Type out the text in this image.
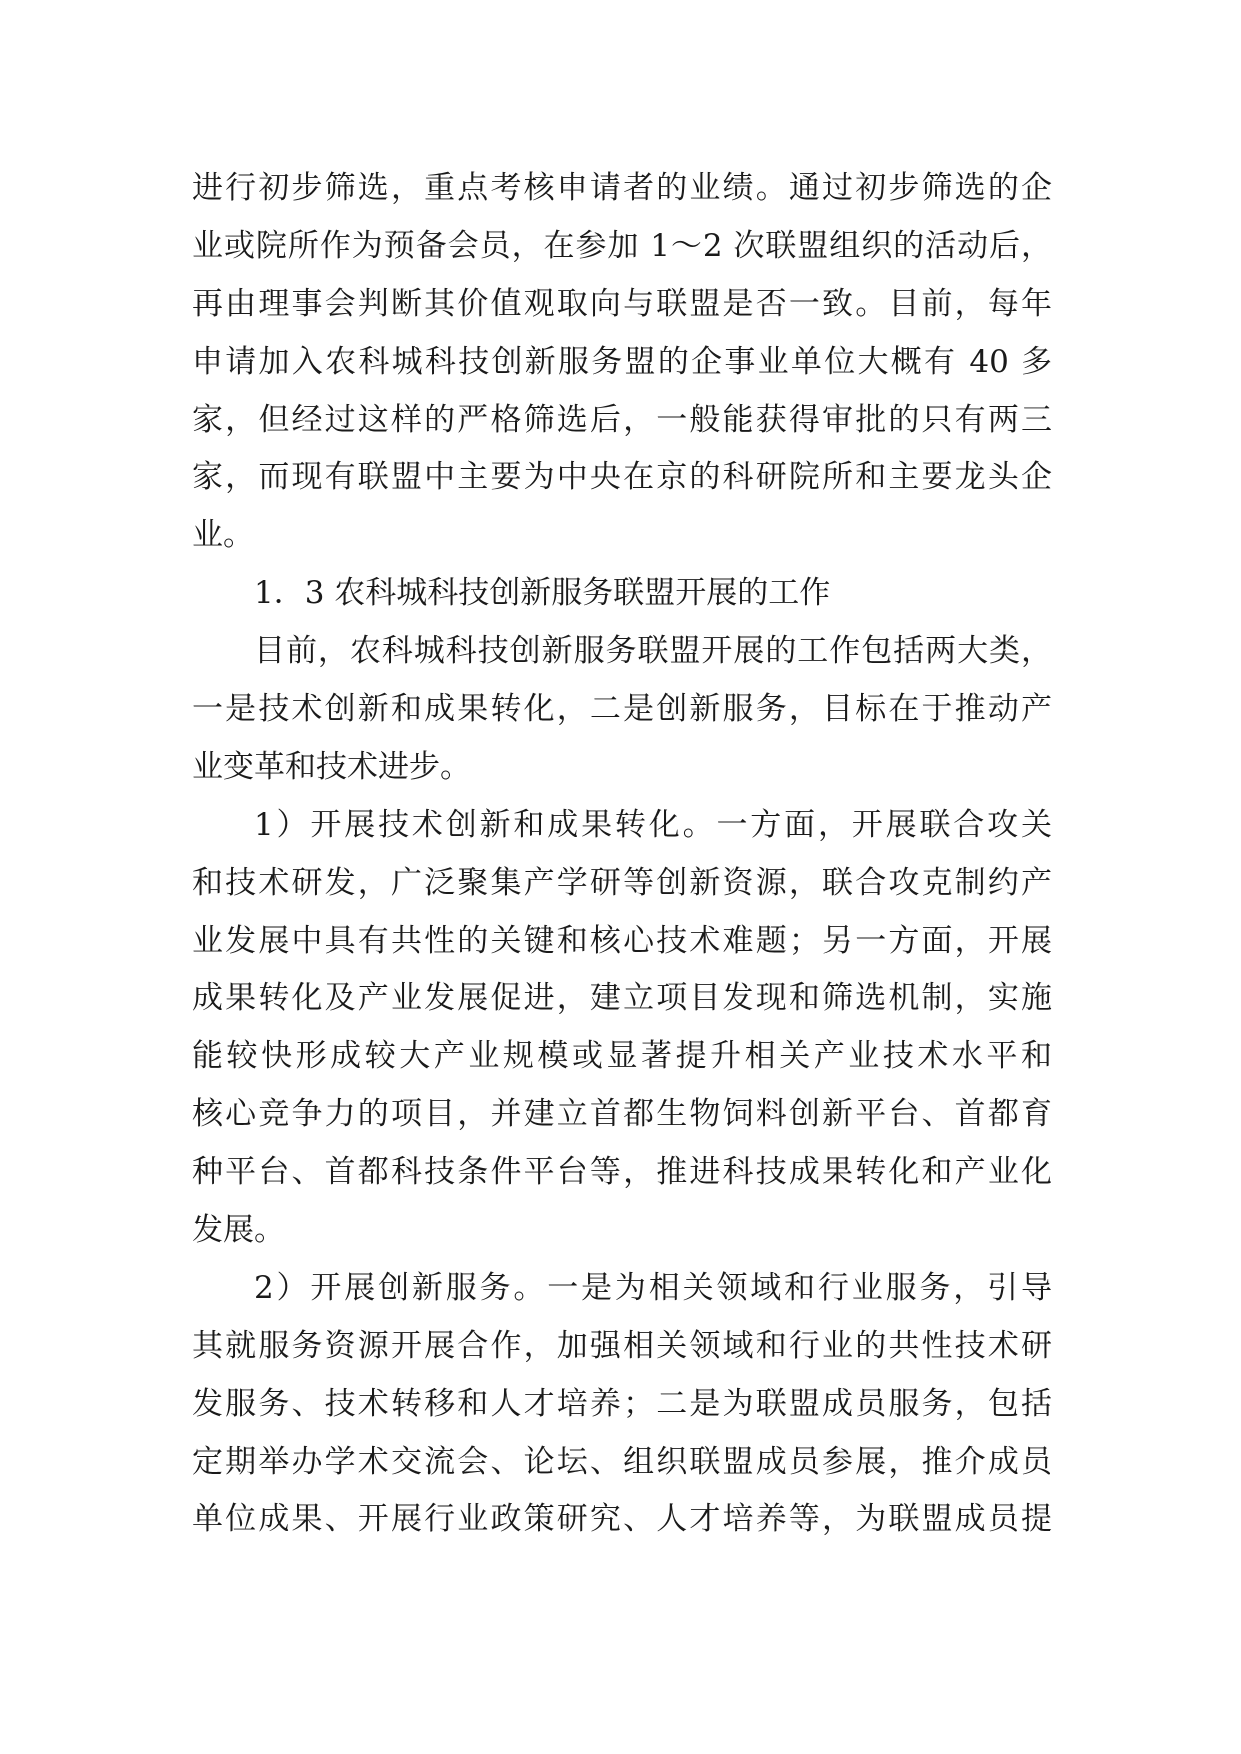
进行初步筛选，重点考核申请者的业绩。通过初步筛选的企
业或院所作为预备会员，在参加 1～2 次联盟组织的活动后，
再由理事会判断其价值观取向与联盟是否一致。目前，每年
申请加入农科城科技创新服务盟的企事业单位大概有 40 多
家，但经过这样的严格筛选后，一般能获得审批的只有两三
家，而现有联盟中主要为中央在京的科研院所和主要龙头企
业。
1．3 农科城科技创新服务联盟开展的工作
目前，农科城科技创新服务联盟开展的工作包括两大类，
一是技术创新和成果转化，二是创新服务，目标在于推动产
业变革和技术进步。
1）开展技术创新和成果转化。一方面，开展联合攻关
和技术研发，广泛聚集产学研等创新资源，联合攻克制约产
业发展中具有共性的关键和核心技术难题；另一方面，开展
成果转化及产业发展促进，建立项目发现和筛选机制，实施
能较快形成较大产业规模或显著提升相关产业技术水平和
核心竞争力的项目，并建立首都生物饲料创新平台、首都育
种平台、首都科技条件平台等，推进科技成果转化和产业化
发展。
2）开展创新服务。一是为相关领域和行业服务，引导
其就服务资源开展合作，加强相关领域和行业的共性技术研
发服务、技术转移和人才培养；二是为联盟成员服务，包括
定期举办学术交流会、论坛、组织联盟成员参展，推介成员
单位成果、开展行业政策研究、人才培养等，为联盟成员提
